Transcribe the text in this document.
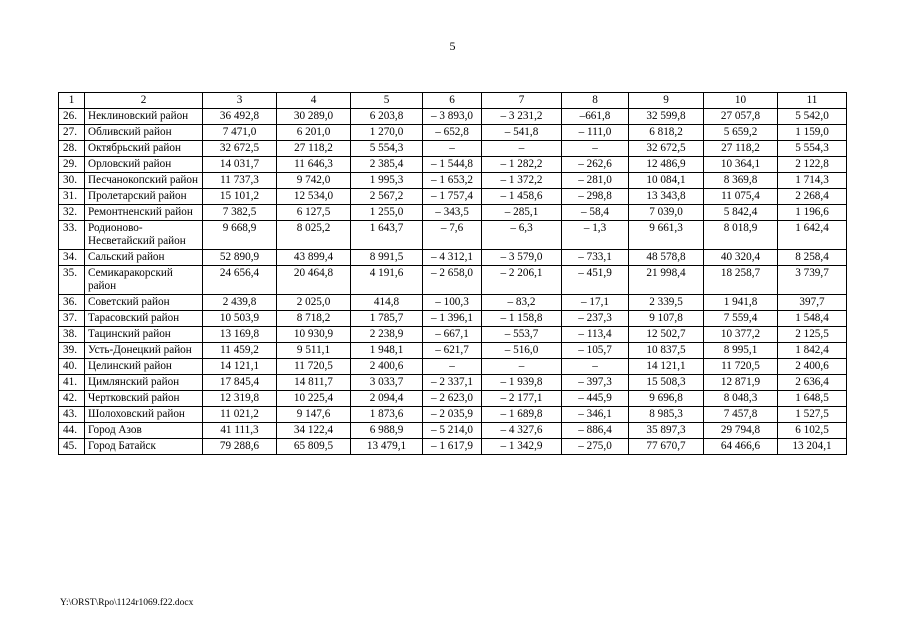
5
1	2	3	4	5	6	7	8	9	10	11
26.	Неклиновский район	36 492,8	30 289,0	6 203,8	– 3 893,0	– 3 231,2	–661,8	32 599,8	27 057,8	5 542,0
27.	Обливский район	7 471,0	6 201,0	1 270,0	– 652,8	– 541,8	– 111,0	6 818,2	5 659,2	1 159,0
28.	Октябрьский район	32 672,5	27 118,2	5 554,3	–	–	–	32 672,5	27 118,2	5 554,3
29.	Орловский район	14 031,7	11 646,3	2 385,4	– 1 544,8	– 1 282,2	– 262,6	12 486,9	10 364,1	2 122,8
30.	Песчанокопский район	11 737,3	9 742,0	1 995,3	– 1 653,2	– 1 372,2	– 281,0	10 084,1	8 369,8	1 714,3
31.	Пролетарский район	15 101,2	12 534,0	2 567,2	– 1 757,4	– 1 458,6	– 298,8	13 343,8	11 075,4	2 268,4
32.	Ремонтненский район	7 382,5	6 127,5	1 255,0	– 343,5	– 285,1	– 58,4	7 039,0	5 842,4	1 196,6
33.	Родионово-Несветайский район	9 668,9	8 025,2	1 643,7	– 7,6	– 6,3	– 1,3	9 661,3	8 018,9	1 642,4
34.	Сальский район	52 890,9	43 899,4	8 991,5	– 4 312,1	– 3 579,0	– 733,1	48 578,8	40 320,4	8 258,4
35.	Семикаракорский район	24 656,4	20 464,8	4 191,6	– 2 658,0	– 2 206,1	– 451,9	21 998,4	18 258,7	3 739,7
36.	Советский район	2 439,8	2 025,0	414,8	– 100,3	– 83,2	– 17,1	2 339,5	1 941,8	397,7
37.	Тарасовский район	10 503,9	8 718,2	1 785,7	– 1 396,1	– 1 158,8	– 237,3	9 107,8	7 559,4	1 548,4
38.	Тацинский район	13 169,8	10 930,9	2 238,9	– 667,1	– 553,7	– 113,4	12 502,7	10 377,2	2 125,5
39.	Усть-Донецкий район	11 459,2	9 511,1	1 948,1	– 621,7	– 516,0	– 105,7	10 837,5	8 995,1	1 842,4
40.	Целинский район	14 121,1	11 720,5	2 400,6	–	–	–	14 121,1	11 720,5	2 400,6
41.	Цимлянский район	17 845,4	14 811,7	3 033,7	– 2 337,1	– 1 939,8	– 397,3	15 508,3	12 871,9	2 636,4
42.	Чертковский район	12 319,8	10 225,4	2 094,4	– 2 623,0	– 2 177,1	– 445,9	9 696,8	8 048,3	1 648,5
43.	Шолоховский район	11 021,2	9 147,6	1 873,6	– 2 035,9	– 1 689,8	– 346,1	8 985,3	7 457,8	1 527,5
44.	Город Азов	41 111,3	34 122,4	6 988,9	– 5 214,0	– 4 327,6	– 886,4	35 897,3	29 794,8	6 102,5
45.	Город Батайск	79 288,6	65 809,5	13 479,1	– 1 617,9	– 1 342,9	– 275,0	77 670,7	64 466,6	13 204,1
Y:\ORST\Rpo\1124r1069.f22.docx
